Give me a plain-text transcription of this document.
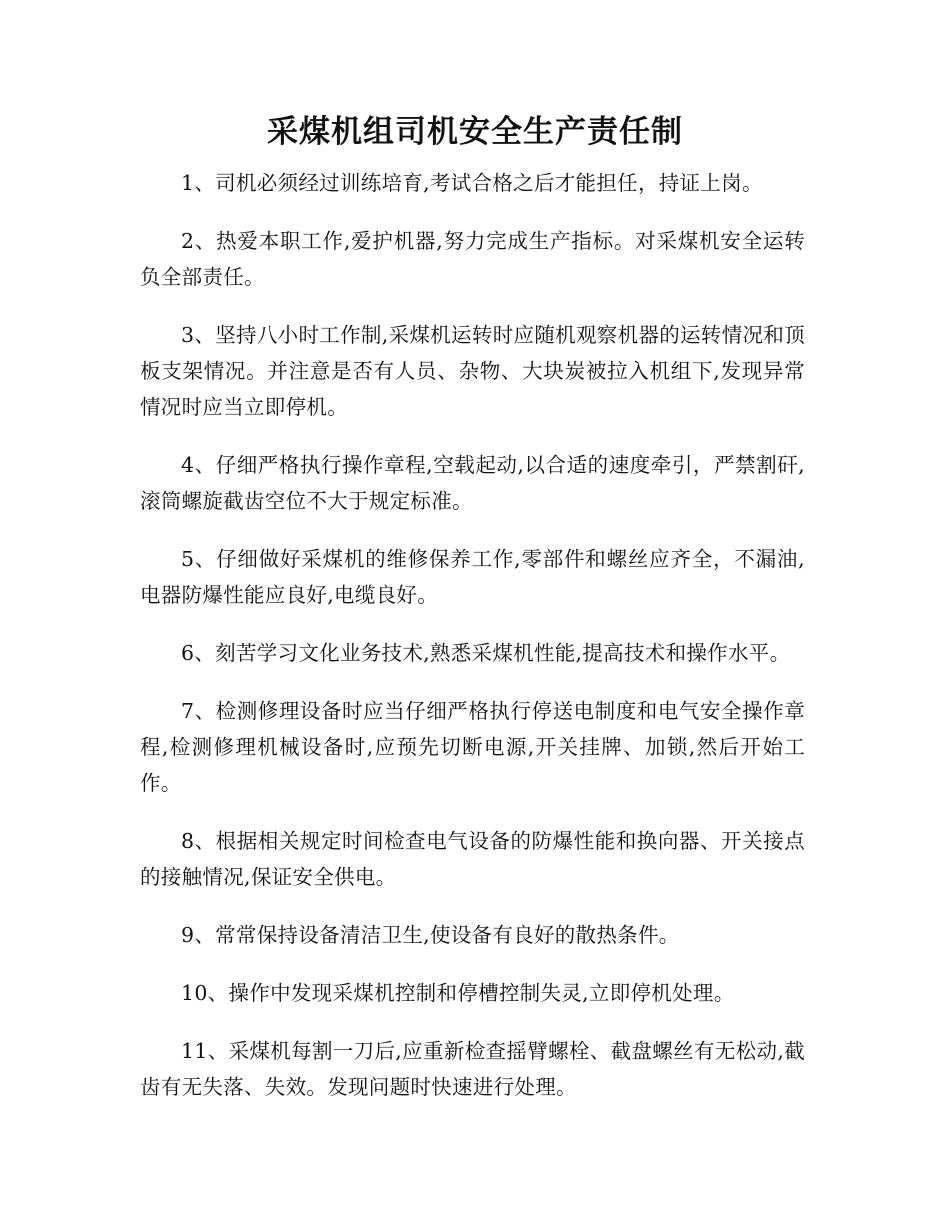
采煤机组司机安全生产责任制

1、司机必须经过训练培育,考试合格之后才能担任，持证上岗。

2、热爱本职工作,爱护机器,努力完成生产指标。对采煤机安全运转负全部责任。

3、坚持八小时工作制,采煤机运转时应随机观察机器的运转情况和顶板支架情况。并注意是否有人员、杂物、大块炭被拉入机组下,发现异常情况时应当立即停机。

4、仔细严格执行操作章程,空载起动,以合适的速度牵引，严禁割矸,滚筒螺旋截齿空位不大于规定标准。

5、仔细做好采煤机的维修保养工作,零部件和螺丝应齐全，不漏油,电器防爆性能应良好,电缆良好。

6、刻苦学习文化业务技术,熟悉采煤机性能,提高技术和操作水平。

7、检测修理设备时应当仔细严格执行停送电制度和电气安全操作章程,检测修理机械设备时,应预先切断电源,开关挂牌、加锁,然后开始工作。

8、根据相关规定时间检查电气设备的防爆性能和换向器、开关接点的接触情况,保证安全供电。

9、常常保持设备清洁卫生,使设备有良好的散热条件。

10、操作中发现采煤机控制和停槽控制失灵,立即停机处理。

11、采煤机每割一刀后,应重新检查摇臂螺栓、截盘螺丝有无松动,截齿有无失落、失效。发现问题时快速进行处理。
